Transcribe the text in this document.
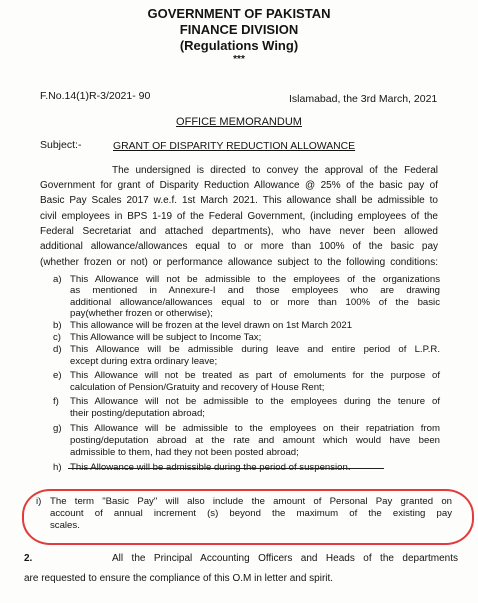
GOVERNMENT OF PAKISTAN
FINANCE DIVISION
(Regulations Wing)
***
F.No.14(1)R-3/2021- 90	Islamabad, the 3rd March, 2021
OFFICE MEMORANDUM
Subject:-	GRANT OF DISPARITY REDUCTION ALLOWANCE
The undersigned is directed to convey the approval of the Federal
Government for grant of Disparity Reduction Allowance @ 25% of the basic pay of
Basic Pay Scales 2017 w.e.f. 1st March 2021. This allowance shall be admissible to
civil employees in BPS 1-19 of the Federal Government, (including employees of the
Federal Secretariat and attached departments), who have never been allowed
additional allowance/allowances equal to or more than 100% of the basic pay
(whether frozen or not) or performance allowance subject to the following conditions:
a) This Allowance will not be admissible to the employees of the organizations
as mentioned in Annexure-I and those employees who are drawing
additional allowance/allowances equal to or more than 100% of the basic
pay(whether frozen or otherwise);
b) This allowance will be frozen at the level drawn on 1st March 2021
c) This Allowance will be subject to Income Tax;
d) This Allowance will be admissible during leave and entire period of L.P.R.
except during extra ordinary leave;
e) This Allowance will not be treated as part of emoluments for the purpose of
calculation of Pension/Gratuity and recovery of House Rent;
f) This Allowance will not be admissible to the employees during the tenure of
their posting/deputation abroad;
g) This Allowance will be admissible to the employees on their repatriation from
posting/deputation abroad at the rate and amount which would have been
admissible to them, had they not been posted abroad;
h)
i) The term "Basic Pay" will also include the amount of Personal Pay granted on
account of annual increment (s) beyond the maximum of the existing pay
scales.
2.	All the Principal Accounting Officers and Heads of the departments
are requested to ensure the compliance of this O.M in letter and spirit.
